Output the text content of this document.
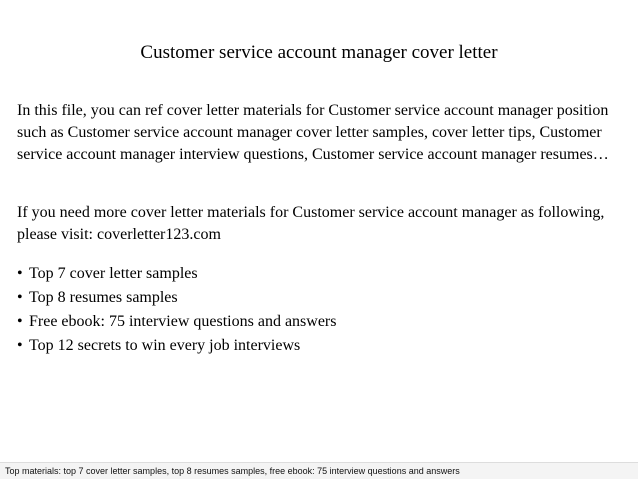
Customer service account manager cover letter
In this file, you can ref cover letter materials for Customer service account manager position such as Customer service account manager cover letter samples, cover letter tips, Customer service account manager interview questions, Customer service account manager resumes…
If you need more cover letter materials for Customer service account manager as following, please visit: coverletter123.com
• Top 7 cover letter samples
• Top 8 resumes samples
• Free ebook: 75 interview questions and answers
• Top 12 secrets to win every job interviews
Top materials: top 7 cover letter samples, top 8 resumes samples, free ebook: 75 interview questions and answers
